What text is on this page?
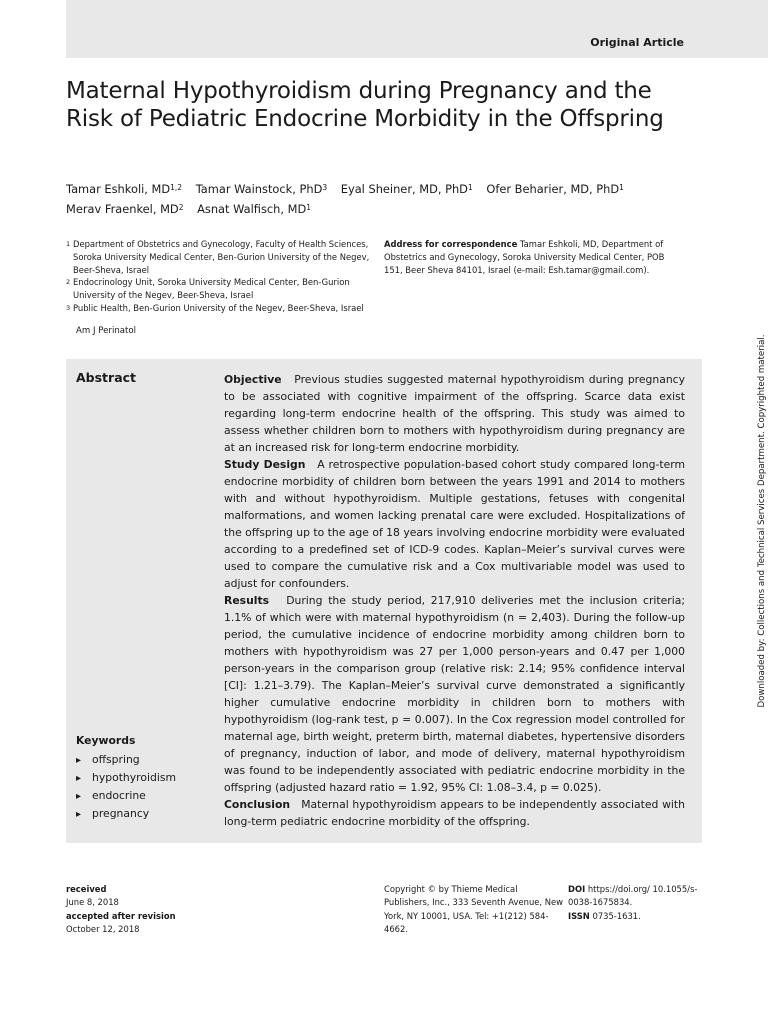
Original Article
Maternal Hypothyroidism during Pregnancy and the Risk of Pediatric Endocrine Morbidity in the Offspring
Tamar Eshkoli, MD$^{1,2}$ Tamar Wainstock, PhD$^3$ Eyal Sheiner, MD, PhD$^1$ Ofer Beharier, MD, PhD$^1$
Merav Fraenkel, $MD^2$ Asnat Walfisch, $MD^1$
1 Department of Obstetrics and Gynecology, Faculty of Health Sciences, Soroka University Medical Center, Ben-Gurion University of the Negev, Beer-Sheva, Israel
2 Endocrinology Unit, Soroka University Medical Center, Ben-Gurion University of the Negev, Beer-Sheva, Israel
3 Public Health, Ben-Gurion University of the Negev, Beer-Sheva, Israel
Address for correspondence Tamar Eshkoli, MD, Department of Obstetrics and Gynecology, Soroka University Medical Center, POB 151, Beer Sheva 84101, Israel (e-mail: Esh.tamar@gmail.com).
Am J Perinatol
Abstract	Objective Previous studies suggested maternal hypothyroidism during pregnancy to be associated with cognitive impairment of the offspring. Scarce data exist regarding long-term endocrine health of the offspring. This study was aimed to assess whether children born to mothers with hypothyroidism during pregnancy are at an increased risk for long-term endocrine morbidity.

Study Design A retrospective population-based cohort study compared long-term endocrine morbidity of children born between the years 1991 and 2014 to mothers with and without hypothyroidism. Multiple gestations, fetuses with congenital malformations, and women lacking prenatal care were excluded. Hospitalizations of the offspring up to the age of 18 years involving endocrine morbidity were evaluated according to a predefined set of ICD-9 codes. Kaplan–Meier’s survival curves were used to compare the cumulative risk and a Cox multivariable model was used to adjust for confounders.

Results During the study period, 217,910 deliveries met the inclusion criteria; 1.1% of which were with maternal hypothyroidism (n = 2,403). During the follow-up period, the cumulative incidence of endocrine morbidity among children born to mothers with hypothyroidism was 27 per 1,000 person-years and 0.47 per 1,000 person-years in the comparison group (relative risk: 2.14; 95% confidence interval [CI]: 1.21–3.79). The Kaplan–Meier’s survival curve demonstrated a significantly higher cumulative endocrine morbidity in children born to mothers with hypothyroidism (log-rank test, p = 0.007). In the Cox regression model controlled for maternal age, birth weight, preterm birth, maternal diabetes, hypertensive disorders of pregnancy, induction of labor, and mode of delivery, maternal hypothyroidism was found to be independently associated with pediatric endocrine morbidity in the offspring (adjusted hazard ratio = 1.92, 95% CI: 1.08–3.4, p = 0.025).

Conclusion Maternal hypothyroidism appears to be independently associated with long-term pediatric endocrine morbidity of the offspring.

Keywords
▸ offspring
▸ hypothyroidism
▸ endocrine
▸ pregnancy
Downloaded by: Collections and Technical Services Department. Copyrighted material.
received
June 8, 2018
accepted after revision
October 12, 2018
Copyright © by Thieme Medical Publishers, Inc., 333 Seventh Avenue, New York, NY 10001, USA. Tel: +1(212) 584-4662.
DOI https://doi.org/ 10.1055/s-0038-1675834.
ISSN 0735-1631.
